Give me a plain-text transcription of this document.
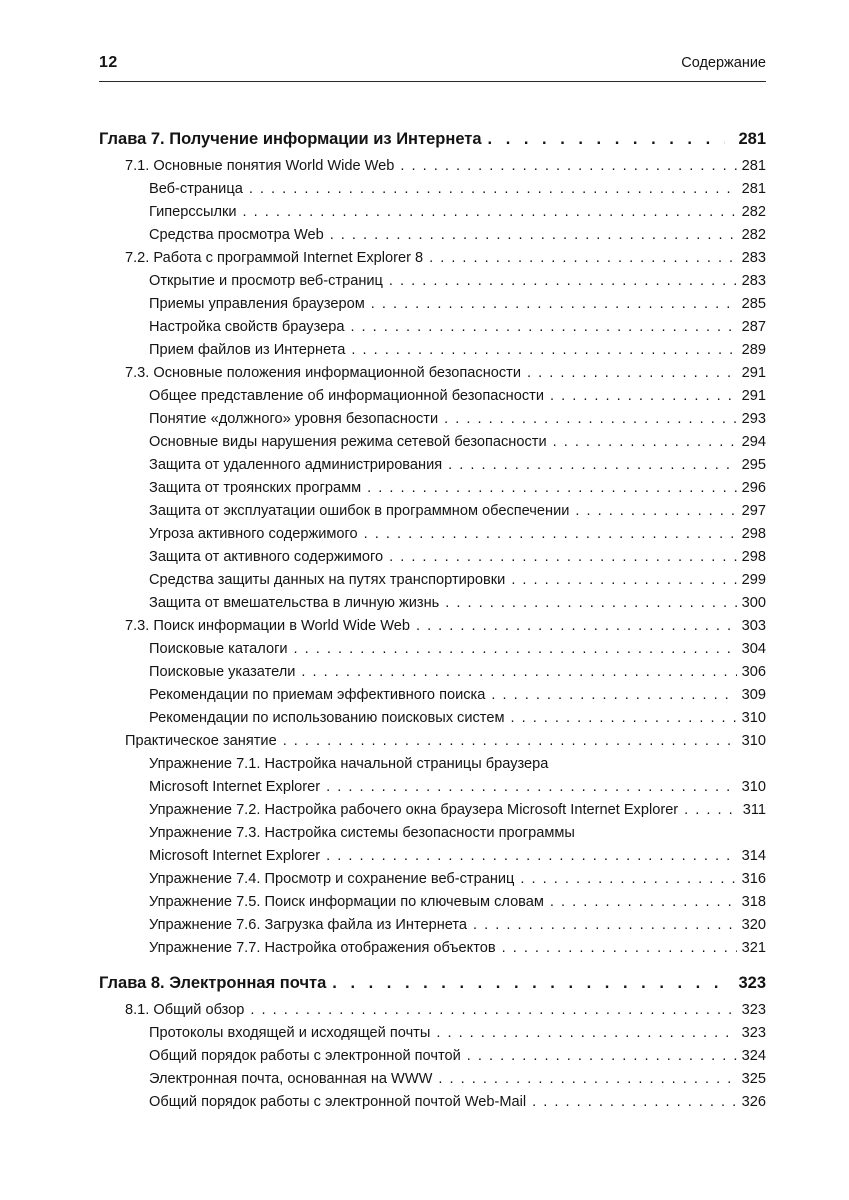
12	Содержание
Глава 7. Получение информации из Интернета . . .	281
7.1. Основные понятия World Wide Web . . .	281
Веб-страница . . .	281
Гиперссылки . . .	282
Средства просмотра Web . . .	282
7.2. Работа с программой Internet Explorer 8 . . .	283
Открытие и просмотр веб-страниц . . .	283
Приемы управления браузером . . .	285
Настройка свойств браузера . . .	287
Прием файлов из Интернета . . .	289
7.3. Основные положения информационной безопасности . . .	291
Общее представление об информационной безопасности . . .	291
Понятие «должного» уровня безопасности . . .	293
Основные виды нарушения режима сетевой безопасности . . .	294
Защита от удаленного администрирования . . .	295
Защита от троянских программ . . .	296
Защита от эксплуатации ошибок в программном обеспечении . . .	297
Угроза активного содержимого . . .	298
Защита от активного содержимого . . .	298
Средства защиты данных на путях транспортировки . . .	299
Защита от вмешательства в личную жизнь . . .	300
7.3. Поиск информации в World Wide Web . . .	303
Поисковые каталоги . . .	304
Поисковые указатели . . .	306
Рекомендации по приемам эффективного поиска . . .	309
Рекомендации по использованию поисковых систем . . .	310
Практическое занятие . . .	310
Упражнение 7.1. Настройка начальной страницы браузера
Microsoft Internet Explorer . . .	310
Упражнение 7.2. Настройка рабочего окна браузера Microsoft Internet Explorer . . .	311
Упражнение 7.3. Настройка системы безопасности программы
Microsoft Internet Explorer . . .	314
Упражнение 7.4. Просмотр и сохранение веб-страниц . . .	316
Упражнение 7.5. Поиск информации по ключевым словам . . .	318
Упражнение 7.6. Загрузка файла из Интернета . . .	320
Упражнение 7.7. Настройка отображения объектов . . .	321
Глава 8. Электронная почта . . .	323
8.1. Общий обзор . . .	323
Протоколы входящей и исходящей почты . . .	323
Общий порядок работы с электронной почтой . . .	324
Электронная почта, основанная на WWW . . .	325
Общий порядок работы с электронной почтой Web-Mail . . .	326
